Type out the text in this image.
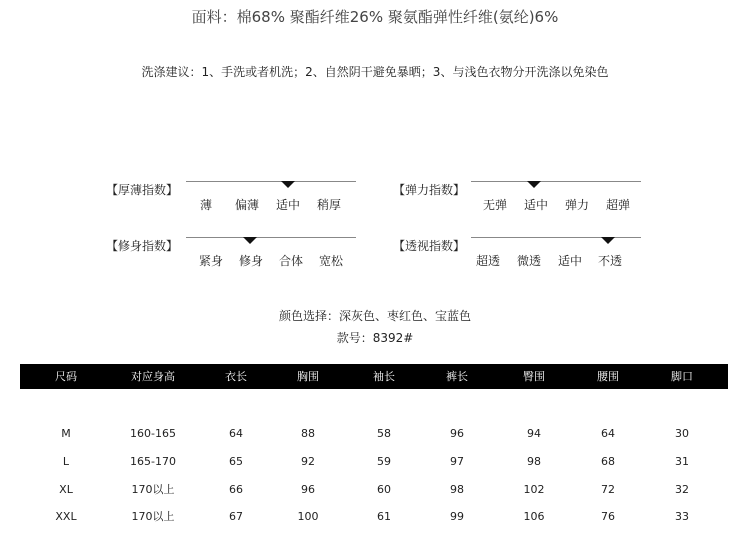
面料：棉68% 聚酯纤维26% 聚氨酯弹性纤维(氨纶)6%
洗涤建议：1、手洗或者机洗；2、自然阴干避免暴晒；3、与浅色衣物分开洗涤以免染色
【厚薄指数】
薄 偏薄 适中 稍厚
【弹力指数】
无弹 适中 弹力 超弹
【修身指数】
紧身 修身 合体 宽松
【透视指数】
超透 微透 适中 不透
颜色选择：深灰色、枣红色、宝蓝色
款号：8392#
尺码	对应身高	衣长	胸围	袖长	裤长	臀围	腰围	脚口
M	160-165	64	88	58	96	94	64	30
L	165-170	65	92	59	97	98	68	31
XL	170以上	66	96	60	98	102	72	32
XXL	170以上	67	100	61	99	106	76	33
